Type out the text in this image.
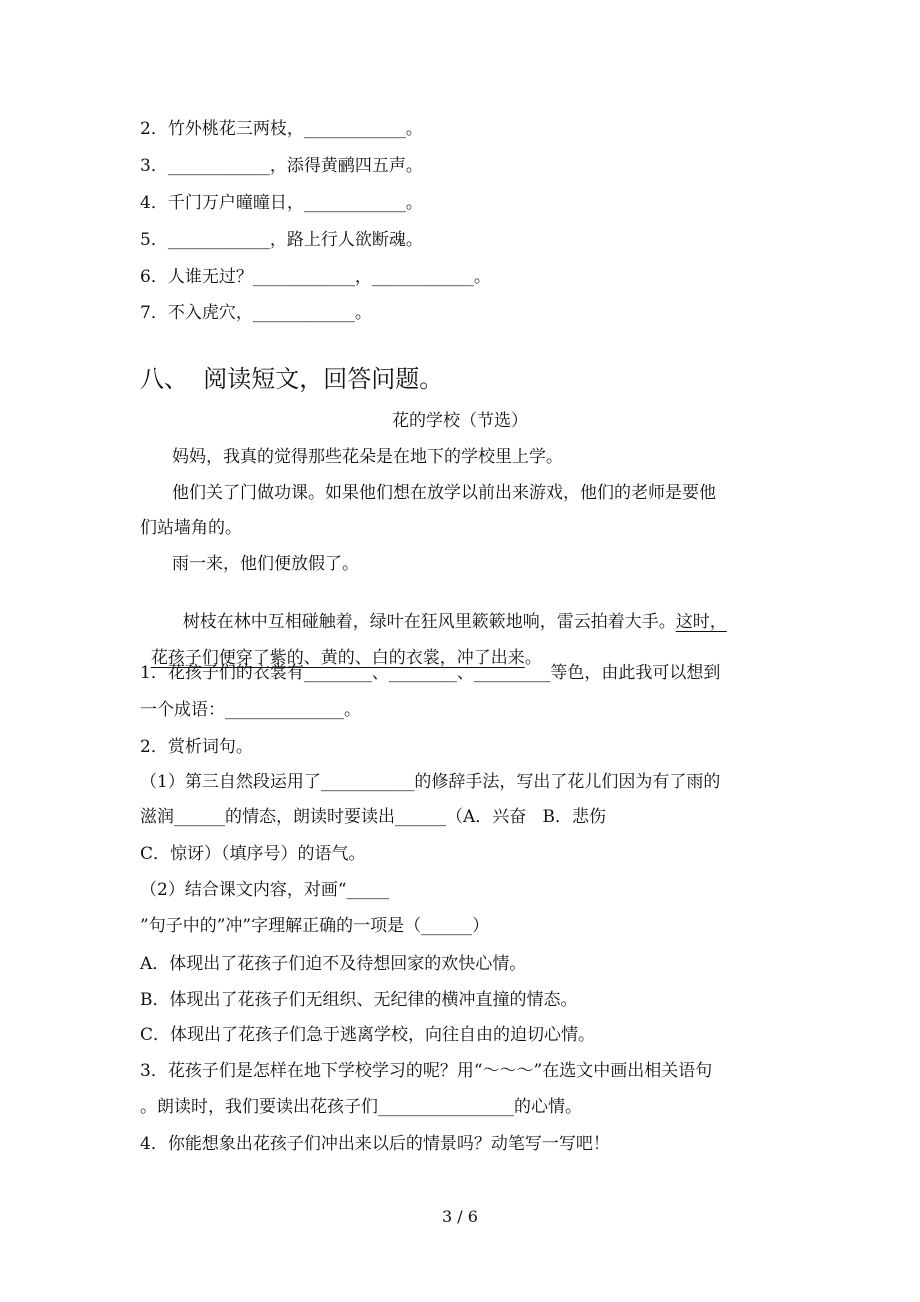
2．竹外桃花三两枝，____________。
3．____________，添得黄鹂四五声。
4．千门万户曈曈日，____________。
5．____________，路上行人欲断魂。
6．人谁无过？____________，____________。
7．不入虎穴，____________。
八、  阅读短文，回答问题。
花的学校（节选）
妈妈，我真的觉得那些花朵是在地下的学校里上学。
他们关了门做功课。如果他们想在放学以前出来游戏，他们的老师是要他
们站墙角的。
雨一来，他们便放假了。

树枝在林中互相碰触着，绿叶在狂风里簌簌地响，雷云拍着大手。这时，

花孩子们便穿了紫的、黄的、白的衣裳，冲了出来。

1．花孩子们的衣裳有________、________、_________等色，由此我可以想到
一个成语：______________。
2．赏析词句。
（1）第三自然段运用了___________的修辞手法，写出了花儿们因为有了雨的
滋润______的情态，朗读时要读出______（A．兴奋   B．悲伤
C．惊讶）（填序号）的语气。
（2）结合课文内容，对画“_____
”句子中的”冲”字理解正确的一项是（______）
A．体现出了花孩子们迫不及待想回家的欢快心情。
B．体现出了花孩子们无组织、无纪律的横冲直撞的情态。
C．体现出了花孩子们急于逃离学校，向往自由的迫切心情。
3．花孩子们是怎样在地下学校学习的呢？用“～～～”在选文中画出相关语句
。朗读时，我们要读出花孩子们________________的心情。
4．你能想象出花孩子们冲出来以后的情景吗？动笔写一写吧！
3 / 6
